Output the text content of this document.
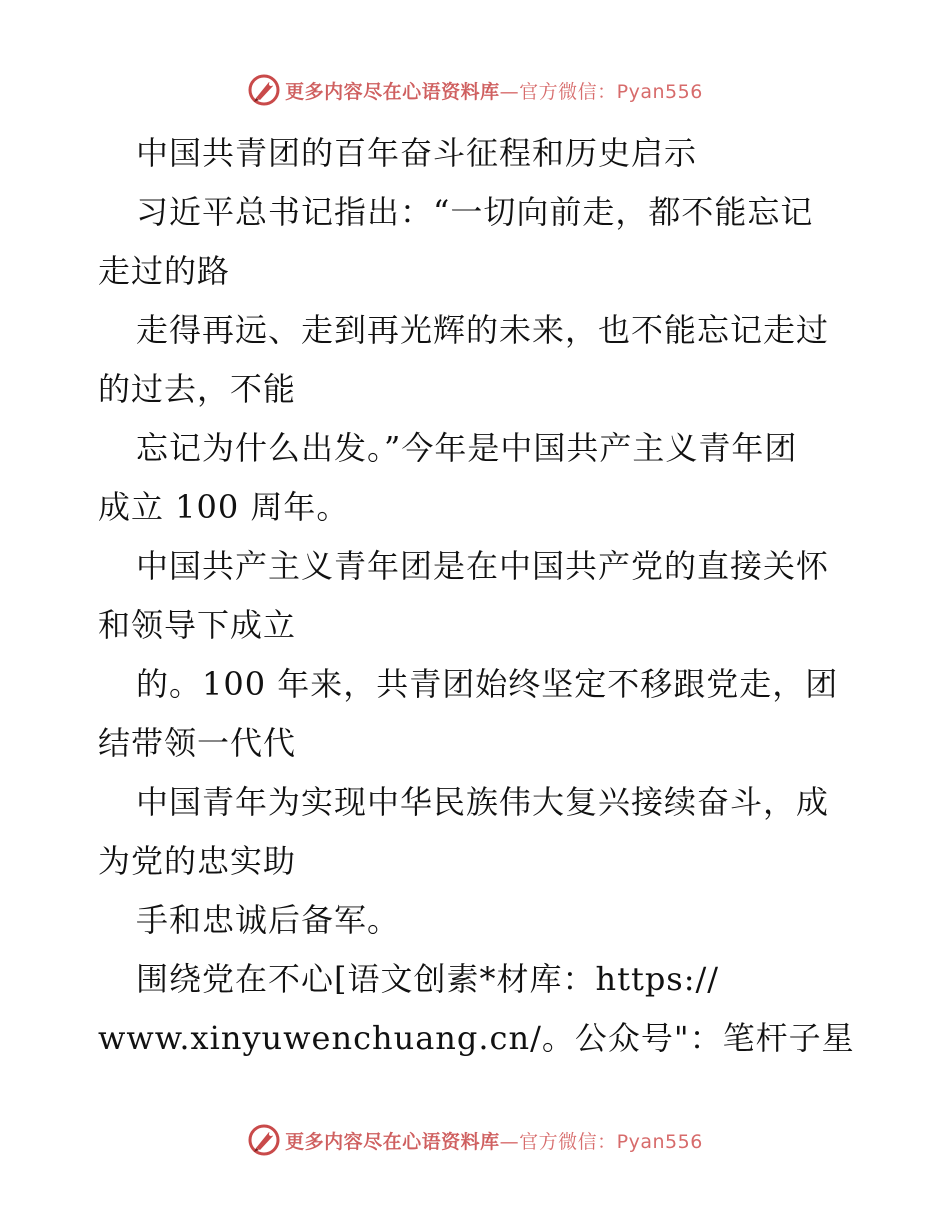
更多内容尽在心语资料库—官方微信：Pyan556
中国共青团的百年奋斗征程和历史启示
习近平总书记指出：“一切向前走，都不能忘记
走过的路
走得再远、走到再光辉的未来，也不能忘记走过
的过去，不能
忘记为什么出发。”今年是中国共产主义青年团
成立 100 周年。
中国共产主义青年团是在中国共产党的直接关怀
和领导下成立
的。100 年来，共青团始终坚定不移跟党走，团
结带领一代代
中国青年为实现中华民族伟大复兴接续奋斗，成
为党的忠实助
手和忠诚后备军。
围绕党在不心[语文创素*材库：https://
www.xinyuwenchuang.cn/。公众号"：笔杆子星
更多内容尽在心语资料库—官方微信：Pyan556
